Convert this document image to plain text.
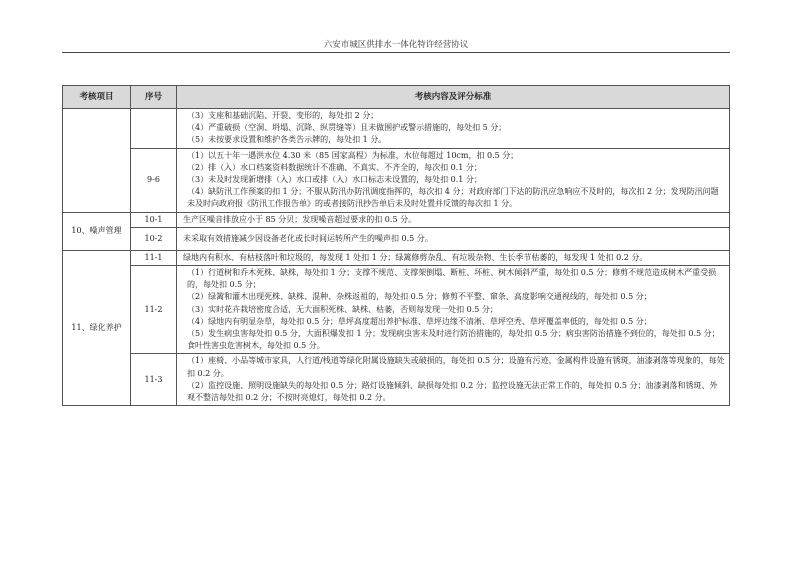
六安市城区供排水一体化特许经营协议
考核项目	序号	考核内容及评分标准

		（3）支座和基础沉陷、开裂、变形的，每处扣 2 分；
（4）严重破损（空洞、坍塌、沉降、纵贯缝等）且未做围护或警示措施的，每处扣 5 分；
（5）未按要求设置和维护各类告示牌的，每处扣 1 分。

	9-6	（1）以五十年一遇洪水位 4.30 米（85 国家高程）为标准，水位每超过 10cm，扣 0.5 分；
（2）排（入）水口档案资料数据统计不准确、不真实、不齐全的，每次扣 0.1 分；
（3）未及时发现新增排（入）水口或排（入）水口标志未设置的，每处扣 0.1 分；
（4）缺防汛工作预案的扣 1 分；不服从防汛办防汛调度指挥的，每次扣 4 分；对政府部门下达的防汛应急响应不及时的，每次扣 2 分；发现防汛问题未及时向政府报《防汛工作报告单》的或者接防汛抄告单后未及时处置并反馈的每次扣 1 分。

10、噪声管理	10-1	生产区噪音排放应小于 85 分贝；发现噪音超过要求的扣 0.5 分。
	10-2	未采取有效措施减少因设备老化或长时间运转所产生的噪声扣 0.5 分。
11、绿化养护	11-1	绿地内有积水、有枯枝落叶和垃圾的，每发现 1 处扣 1 分；绿篱修剪杂乱、有垃圾杂物、生长季节枯萎的，每发现 1 处扣 0.2 分。
	11-2	（1）行道树和乔木死株、缺株，每处扣 1 分；支撑不规范、支撑架倒塌、断桩、坏桩、树木倾斜严重，每处扣 0.5 分；修剪不规范造成树木严重受损的，每处扣 0.5 分；
（2）绿篱和灌木出现死株、缺株、混种、杂株返祖的，每处扣 0.5 分；修剪不平整、窜条、高度影响交通视线的，每处扣 0.5 分；
（3）实时花卉栽培密度合适，无大面积死株、缺株、枯萎，否则每发现一处扣 0.5 分；
（4）绿地内有明显杂草，每处扣 0.5 分；草坪高度超出养护标准、草坪边缘不清淅、草坪空秃、草坪覆盖率低的，每处扣 0.5 分；
（5）发生病虫害每处扣 0.5 分，大面积爆发扣 1 分；发现病虫害未及时进行防治措施的，每处扣 0.5 分；病虫害防治措施不到位的，每处扣 0.5 分；食叶性害虫危害树木，每处扣 0.5 分。

	11-3	（1）座椅、小品等城市家具，人行道/栈道等绿化附属设施缺失或破损的，每处扣 0.5 分；设施有污迹，金属构件设施有锈斑，油漆剥落等现象的，每处扣 0.2 分。
（2）监控设施、照明设施缺失的每处扣 0.5 分；路灯设施倾斜、缺损每处扣 0.2 分；监控设施无法正常工作的，每处扣 0.5 分；油漆剥落和锈斑、外观不整洁每处扣 0.2 分；不按时亮熄灯，每处扣 0.2 分。
